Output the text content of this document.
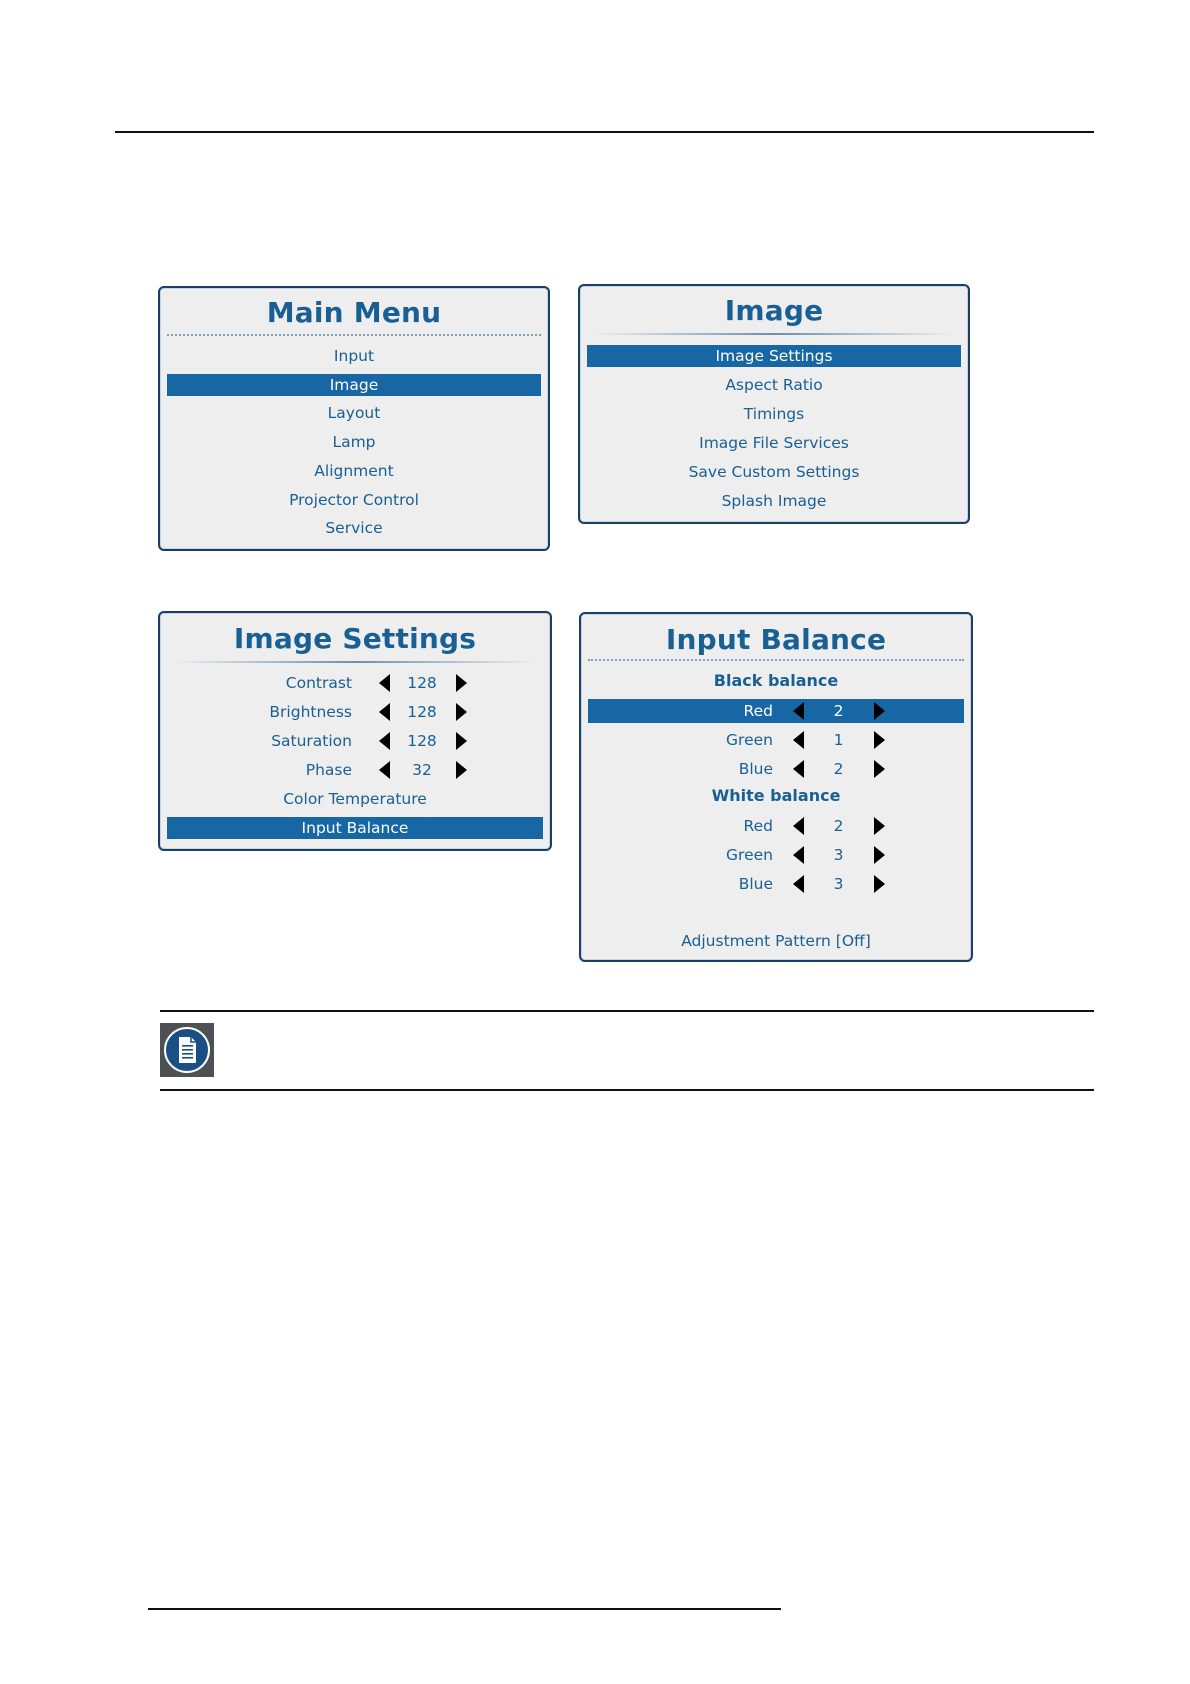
Main Menu
Input
Image
Layout
Lamp
Alignment
Projector Control
Service
Image
Image Settings
Aspect Ratio
Timings
Image File Services
Save Custom Settings
Splash Image
Image Settings
Contrast	128
Brightness	128
Saturation	128
Phase	32
Color Temperature
Input Balance
Input Balance
Black balance
Red	2
Green	1
Blue	2
White balance
Red	2
Green	3
Blue	3
Adjustment Pattern [Off]
